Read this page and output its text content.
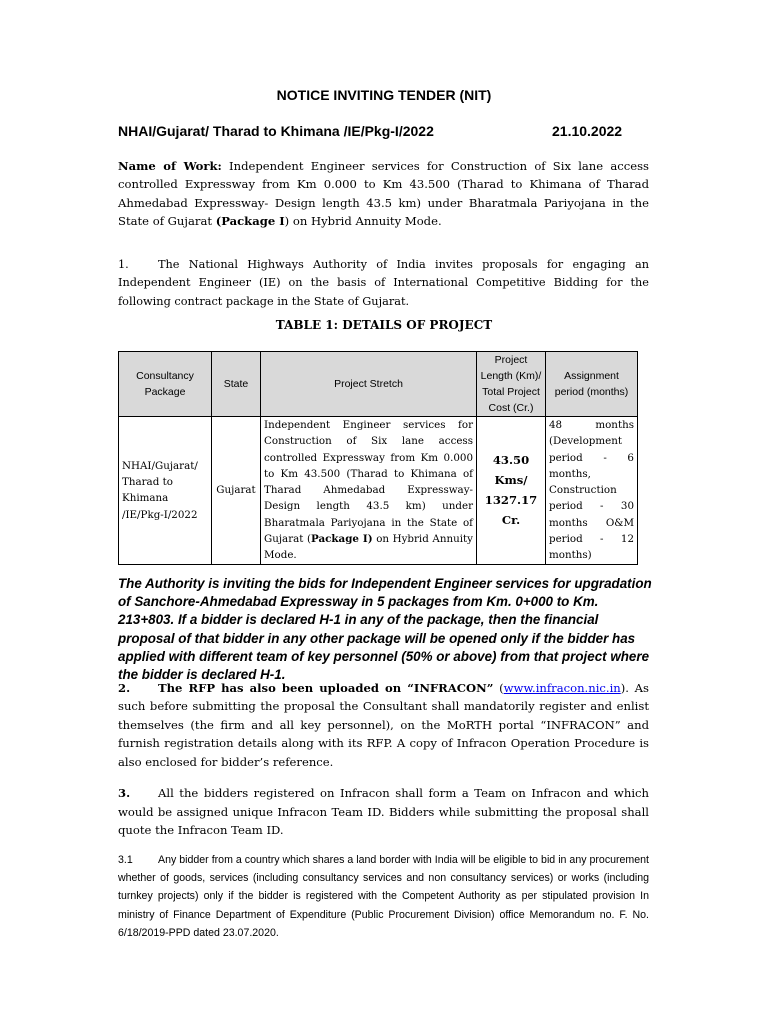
NOTICE INVITING TENDER (NIT)
NHAI/Gujarat/ Tharad to Khimana /IE/Pkg-I/2022	21.10.2022
Name of Work: Independent Engineer services for Construction of Six lane access controlled Expressway from Km 0.000 to Km 43.500 (Tharad to Khimana of Tharad Ahmedabad Expressway- Design length 43.5 km) under Bharatmala Pariyojana in the State of Gujarat (Package I) on Hybrid Annuity Mode.
1.	The National Highways Authority of India invites proposals for engaging an Independent Engineer (IE) on the basis of International Competitive Bidding for the following contract package in the State of Gujarat.
TABLE 1: DETAILS OF PROJECT
Consultancy Package	State	Project Stretch	Project Length (Km)/ Total Project Cost (Cr.)	Assignment period (months)
NHAI/Gujarat/ Tharad to Khimana /IE/Pkg-I/2022	Gujarat	Independent Engineer services for Construction of Six lane access controlled Expressway from Km 0.000 to Km 43.500 (Tharad to Khimana of Tharad Ahmedabad Expressway- Design length 43.5 km) under Bharatmala Pariyojana in the State of Gujarat (Package I) on Hybrid Annuity Mode.	43.50 Kms/ 1327.17 Cr.	48 months (Development period - 6 months, Construction period - 30 months O&M period - 12 months)
The Authority is inviting the bids for Independent Engineer services for upgradation of Sanchore-Ahmedabad Expressway in 5 packages from Km. 0+000 to Km. 213+803. If a bidder is declared H-1 in any of the package, then the financial proposal of that bidder in any other package will be opened only if the bidder has applied with different team of key personnel (50% or above) from that project where the bidder is declared H-1.
2. The RFP has also been uploaded on “INFRACON” (www.infracon.nic.in). As such before submitting the proposal the Consultant shall mandatorily register and enlist themselves (the firm and all key personnel), on the MoRTH portal “INFRACON” and furnish registration details along with its RFP. A copy of Infracon Operation Procedure is also enclosed for bidder’s reference.
3. All the bidders registered on Infracon shall form a Team on Infracon and which would be assigned unique Infracon Team ID. Bidders while submitting the proposal shall quote the Infracon Team ID.
3.1 Any bidder from a country which shares a land border with India will be eligible to bid in any procurement whether of goods, services (including consultancy services and non consultancy services) or works (including turnkey projects) only if the bidder is registered with the Competent Authority as per stipulated provision In ministry of Finance Department of Expenditure (Public Procurement Division) office Memorandum no. F. No. 6/18/2019-PPD dated 23.07.2020.
